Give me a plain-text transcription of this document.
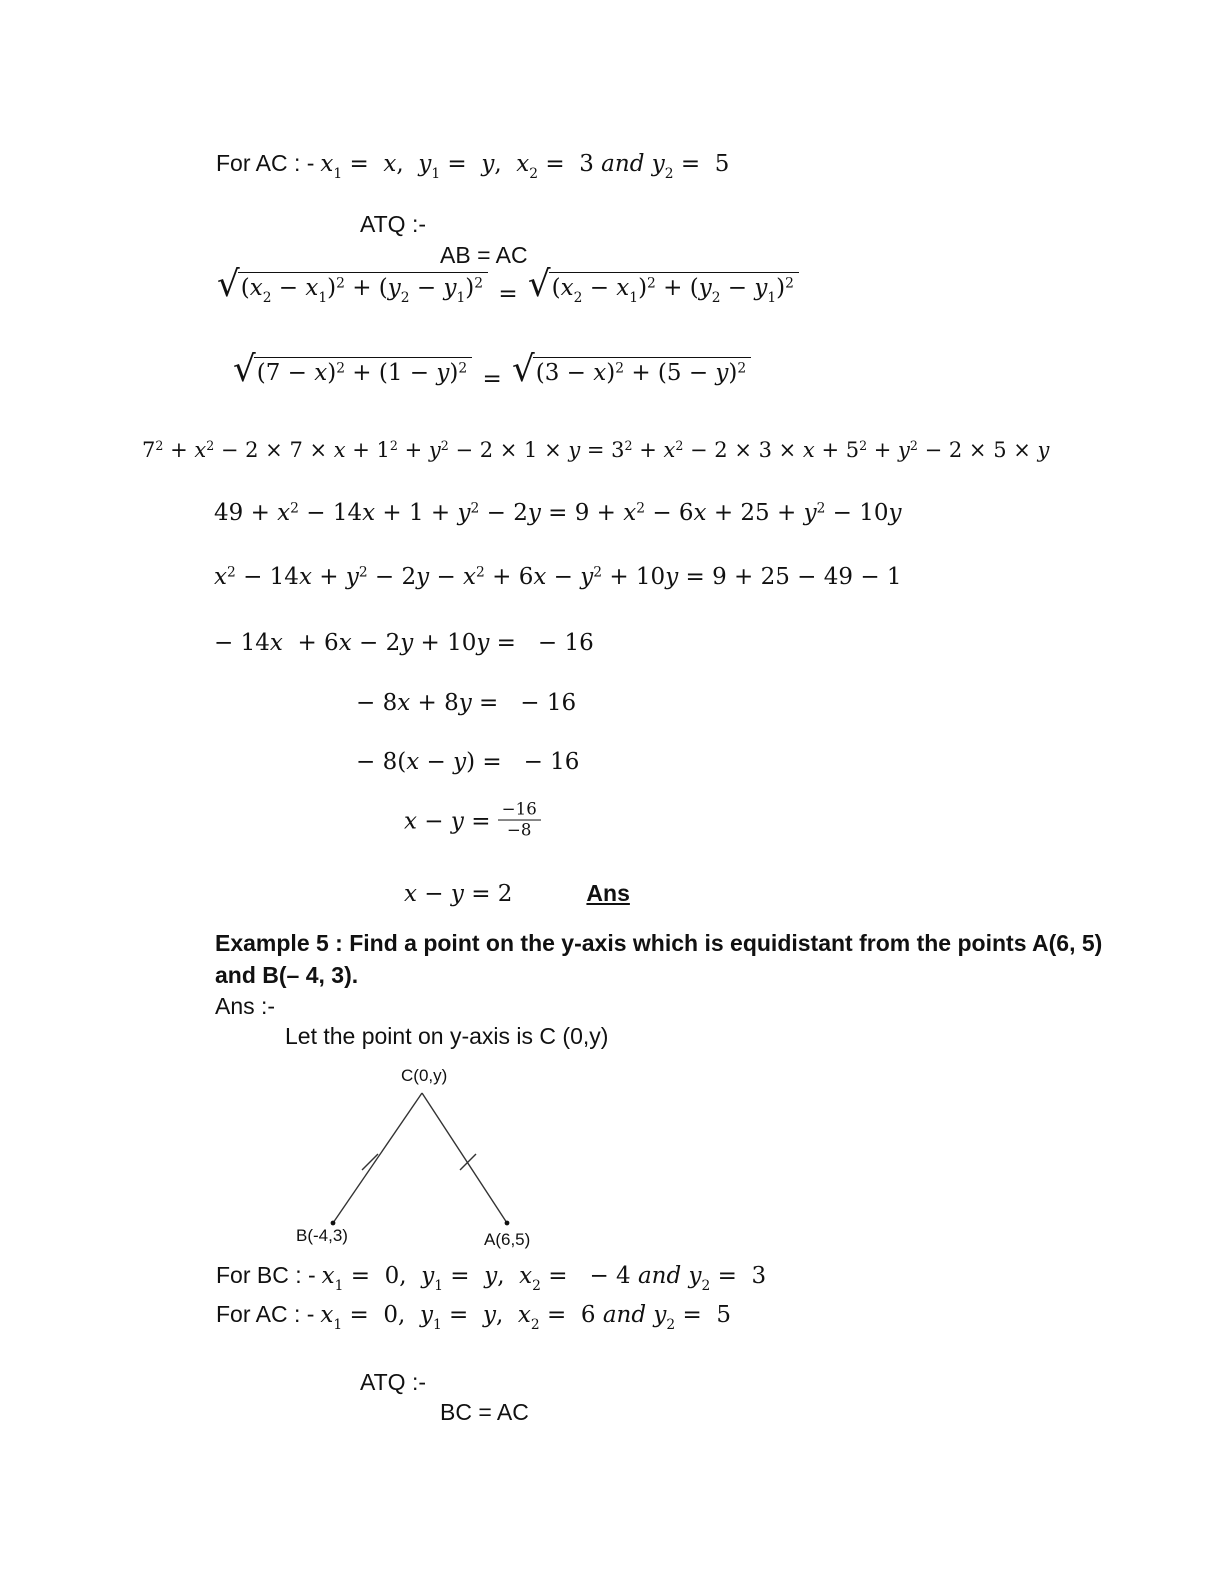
For AC : - $x_1 = x$,  $y_1 = y$,  $x_2 = 3$ and $y_2 = 5$
ATQ :-
AB = AC
√ $(x_2 - x_1)^2 + (y_2 - y_1)^2$ = √ $(x_2 - x_1)^2 + (y_2 - y_1)^2$
√ $(7 - x)^2 + (1 - y)^2$ = √ $(3 - x)^2 + (5 - y)^2$
$7^2 + x^2 - 2 \times 7 \times x + 1^2 + y^2 - 2 \times 1 \times y = 3^2 + x^2 - 2 \times 3 \times x + 5^2 + y^2 - 2 \times 5 \times y$
$49 + x^2 - 14x + 1 + y^2 - 2y = 9 + x^2 - 6x + 25 + y^2 - 10y$
$x^2 - 14x + y^2 - 2y - x^2 + 6x - y^2 + 10y = 9 + 25 - 49 - 1$
− 14x  + 6x − 2y + 10y =   − 16
− 8x + 8y =   − 16
− 8(x − y) =   − 16
$x - y = \frac{-16}{-8}$
x − y = 2	Ans
Example 5 : Find a point on the y-axis which is equidistant from the points A(6, 5)
and B(– 4, 3).
Ans :-
Let the point on y-axis is C (0,y)
C(0,y)
B(-4,3)	A(6,5)
For BC : - $x_1 = 0$,  $y_1 = y$,  $x_2$ =   − 4 and $y_2 = 3$
For AC : - $x_1 = 0$,  $y_1 = y$,  $x_2 = 6$ and $y_2 = 5$
ATQ :-
BC = AC
